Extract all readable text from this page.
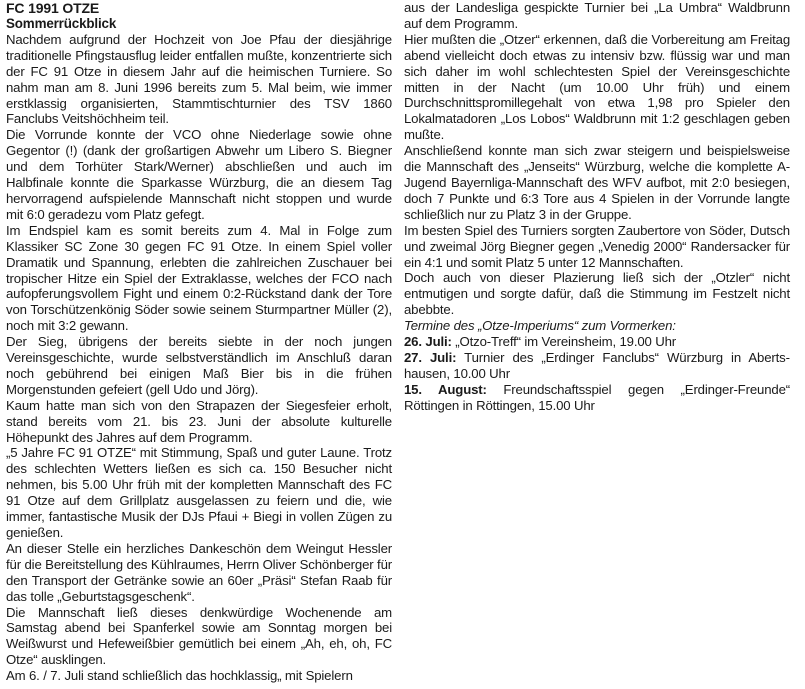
FC 1991 OTZE
Sommerrückblick

Nachdem aufgrund der Hochzeit von Joe Pfau der diesjährige traditionelle Pfingstausflug leider entfallen mußte, konzentrierte sich der FC 91 Otze in diesem Jahr auf die heimischen Turniere. So nahm man am 8. Juni 1996 bereits zum 5. Mal beim, wie immer erstklassig organisierten, Stammtischturnier des TSV 1860 Fanclubs Veitshöchheim teil.

Die Vorrunde konnte der VCO ohne Niederlage sowie ohne Gegentor (!) (dank der großartigen Abwehr um Libero S. Biegner und dem Torhüter Stark/Werner) abschließen und auch im Halbfinale konnte die Sparkasse Würzburg, die an diesem Tag hervorragend aufspielende Mannschaft nicht stoppen und wurde mit 6:0 geradezu vom Platz gefegt.

Im Endspiel kam es somit bereits zum 4. Mal in Folge zum Klassiker SC Zone 30 gegen FC 91 Otze. In einem Spiel voller Dramatik und Spannung, erlebten die zahlreichen Zuschauer bei tropischer Hitze ein Spiel der Extraklasse, welches der FCO nach aufopferungsvollem Fight und einem 0:2-Rückstand dank der Tore von Torschützenkönig Söder sowie seinem Sturmpartner Müller (2), noch mit 3:2 gewann.

Der Sieg, übrigens der bereits siebte in der noch jungen Vereinsgeschichte, wurde selbstverständlich im Anschluß daran noch gebührend bei einigen Maß Bier bis in die frühen Morgenstunden gefeiert (gell Udo und Jörg).

Kaum hatte man sich von den Strapazen der Siegesfeier erholt, stand bereits vom 21. bis 23. Juni der absolute kulturelle Höhepunkt des Jahres auf dem Programm.

„5 Jahre FC 91 OTZE“ mit Stimmung, Spaß und guter Laune. Trotz des schlechten Wetters ließen es sich ca. 150 Besucher nicht nehmen, bis 5.00 Uhr früh mit der kompletten Mannschaft des FC 91 Otze auf dem Grillplatz ausgelassen zu feiern und die, wie immer, fantastische Musik der DJs Pfaui + Biegi in vollen Zügen zu genießen.

An dieser Stelle ein herzliches Dankeschön dem Weingut Hessler für die Bereitstellung des Kühlraumes, Herrn Oliver Schönberger für den Transport der Getränke sowie an 60er „Präsi“ Stefan Raab für das tolle „Geburtstagsgeschenk“.

Die Mannschaft ließ dieses denkwürdige Wochenende am Samstag abend bei Spanferkel sowie am Sonntag morgen bei Weißwurst und Hefeweißbier gemütlich bei einem „Ah, eh, oh, FC Otze“ ausklingen.

Am 6. / 7. Juli stand schließlich das hochklassig„ mit Spielern

aus der Landesliga gespickte Turnier bei „La Umbra“ Waldbrunn auf dem Programm.

Hier mußten die „Otzer“ erkennen, daß die Vorbereitung am Freitag abend vielleicht doch etwas zu intensiv bzw. flüssig war und man sich daher im wohl schlechtesten Spiel der Vereinsgeschichte mitten in der Nacht (um 10.00 Uhr früh) und einem Durchschnittspromillegehalt von etwa 1,98 pro Spieler den Lokalmatadoren „Los Lobos“ Waldbrunn mit 1:2 geschlagen geben mußte.

Anschließend konnte man sich zwar steigern und beispielsweise die Mannschaft des „Jenseits“ Würzburg, welche die komplette A-Jugend Bayernliga-Mannschaft des WFV aufbot, mit 2:0 besiegen, doch 7 Punkte und 6:3 Tore aus 4 Spielen in der Vorrunde langte schließlich nur zu Platz 3 in der Gruppe.

Im besten Spiel des Turniers sorgten Zaubertore von Söder, Dutsch und zweimal Jörg Biegner gegen „Venedig 2000“ Randersacker für ein 4:1 und somit Platz 5 unter 12 Mannschaften.

Doch auch von dieser Plazierung ließ sich der „Otzler“ nicht entmutigen und sorgte dafür, daß die Stimmung im Festzelt nicht abebbte.

Termine des „Otze-Imperiums“ zum Vormerken:

26. Juli: „Otzo-Treff“ im Vereinsheim, 19.00 Uhr

27. Juli: Turnier des „Erdinger Fanclubs“ Würzburg in Abertshausen, 10.00 Uhr

15. August: Freundschaftsspiel gegen „Erdinger-Freunde“ Röttingen in Röttingen, 15.00 Uhr
